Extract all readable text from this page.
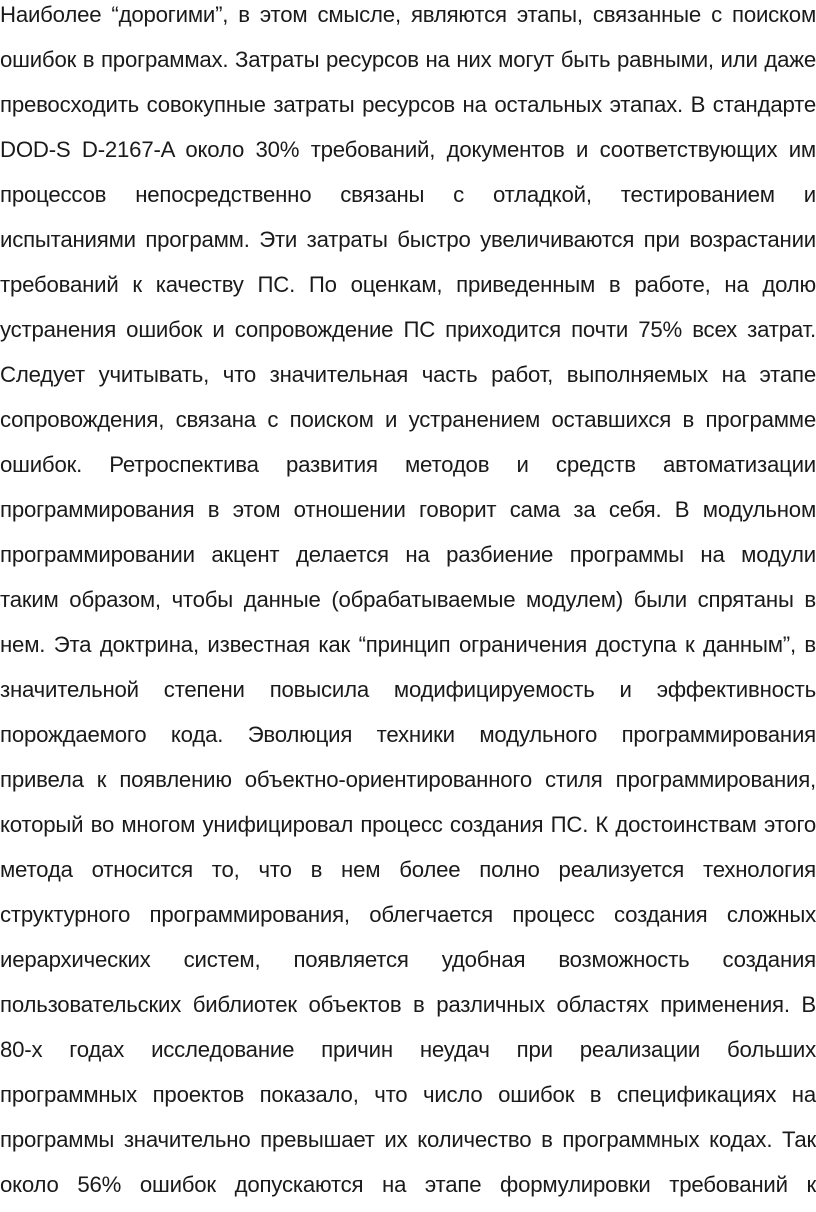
Наиболее “дорогими”, в этом смысле, являются этапы, связанные с поиском
ошибок в программах. Затраты ресурсов на них могут быть равными, или даже
превосходить совокупные затраты ресурсов на остальных этапах. В стандарте
DOD-S D-2167-A около 30% требований, документов и соответствующих им
процессов непосредственно связаны с отладкой, тестированием и
испытаниями программ. Эти затраты быстро увеличиваются при возрастании
требований к качеству ПС. По оценкам, приведенным в работе, на долю
устранения ошибок и сопровождение ПС приходится почти 75% всех затрат.
Следует учитывать, что значительная часть работ, выполняемых на этапе
сопровождения, связана с поиском и устранением оставшихся в программе
ошибок. Ретроспектива развития методов и средств автоматизации
программирования в этом отношении говорит сама за себя. В модульном
программировании акцент делается на разбиение программы на модули
таким образом, чтобы данные (обрабатываемые модулем) были спрятаны в
нем. Эта доктрина, известная как “принцип ограничения доступа к данным”, в
значительной степени повысила модифицируемость и эффективность
порождаемого кода. Эволюция техники модульного программирования
привела к появлению объектно-ориентированного стиля программирования,
который во многом унифицировал процесс создания ПС. К достоинствам этого
метода относится то, что в нем более полно реализуется технология
структурного программирования, облегчается процесс создания сложных
иерархических систем, появляется удобная возможность создания
пользовательских библиотек объектов в различных областях применения. В
80-х годах исследование причин неудач при реализации больших
программных проектов показало, что число ошибок в спецификациях на
программы значительно превышает их количество в программных кодах. Так
около 56% ошибок допускаются на этапе формулировки требований к
